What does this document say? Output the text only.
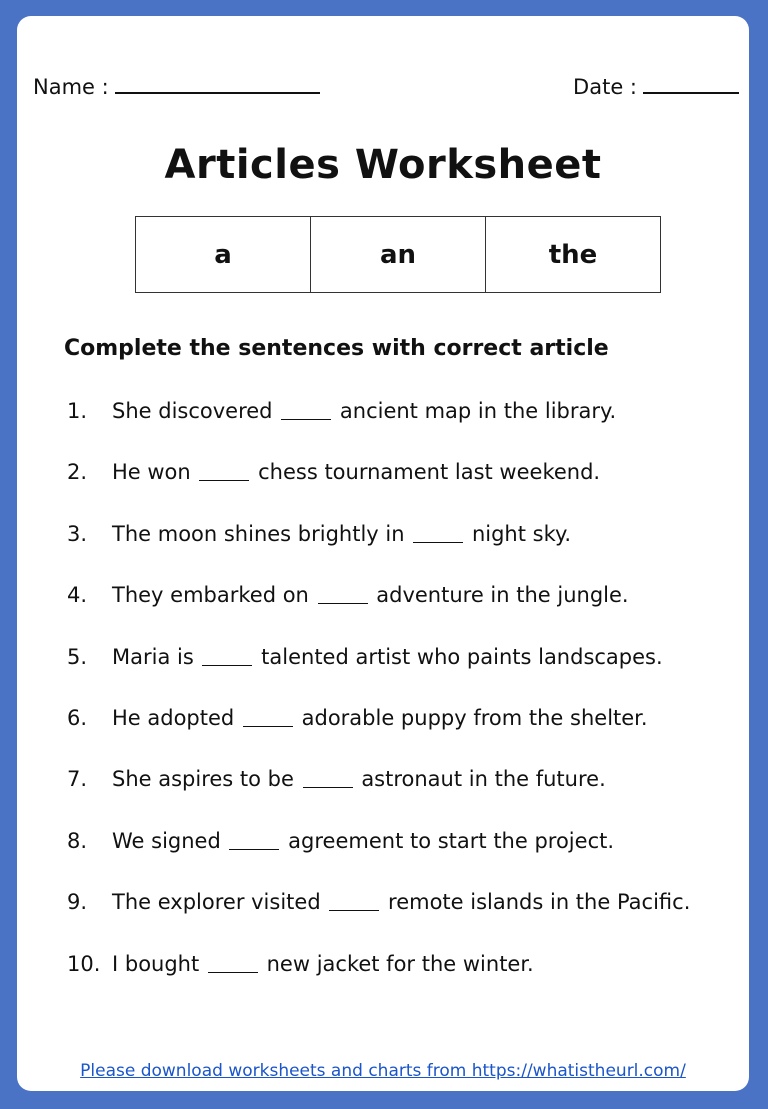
Name :	Date :
Articles Worksheet
a	an	the
Complete the sentences with correct article
1.	She discovered

	ancient map in the library.
2.	He won

	chess tournament last weekend.
3.	The moon shines brightly in

	night sky.
4.	They embarked on

	adventure in the jungle.
5.	Maria is

	talented artist who paints landscapes.
6.	He adopted

	adorable puppy from the shelter.
7.	She aspires to be

	astronaut in the future.
8.	We signed

	agreement to start the project.
9.	The explorer visited

	remote islands in the Pacific.
10. I bought

	new jacket for the winter.
Please download worksheets and charts from https://whatistheurl.com/
